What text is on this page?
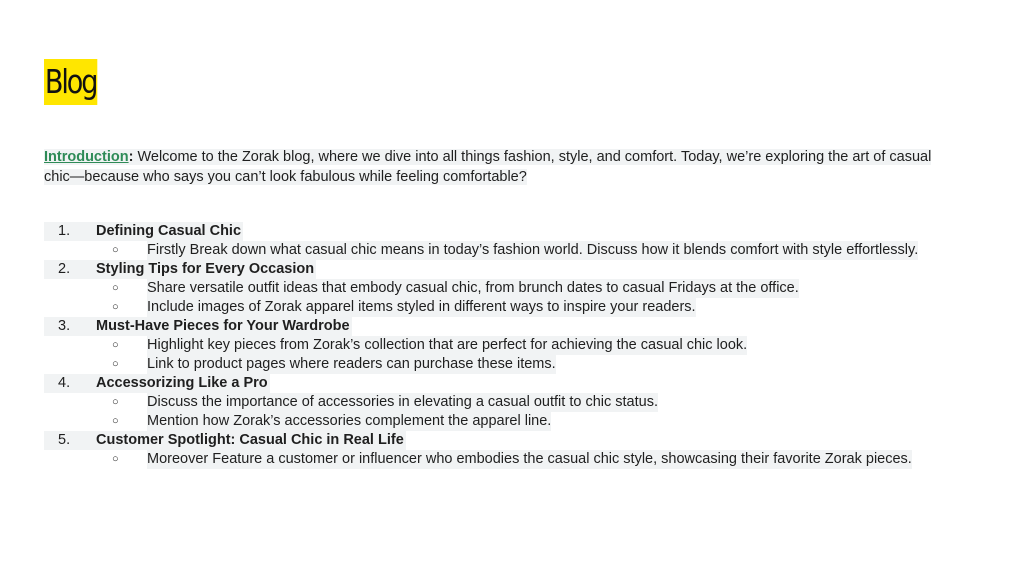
Blog
Introduction: Welcome to the Zorak blog, where we dive into all things fashion, style, and comfort. Today, we’re exploring the art of casual
chic—because who says you can’t look fabulous while feeling comfortable?
1.	Defining Casual Chic
○	Firstly Break down what casual chic means in today’s fashion world. Discuss how it blends comfort with style effortlessly.
2.	Styling Tips for Every Occasion
○	Share versatile outfit ideas that embody casual chic, from brunch dates to casual Fridays at the office.
○	Include images of Zorak apparel items styled in different ways to inspire your readers.
3.	Must-Have Pieces for Your Wardrobe
○	Highlight key pieces from Zorak’s collection that are perfect for achieving the casual chic look.
○	Link to product pages where readers can purchase these items.
4.	Accessorizing Like a Pro
○	Discuss the importance of accessories in elevating a casual outfit to chic status.
○	Mention how Zorak’s accessories complement the apparel line.
5.	Customer Spotlight: Casual Chic in Real Life
○	Moreover Feature a customer or influencer who embodies the casual chic style, showcasing their favorite Zorak pieces.
